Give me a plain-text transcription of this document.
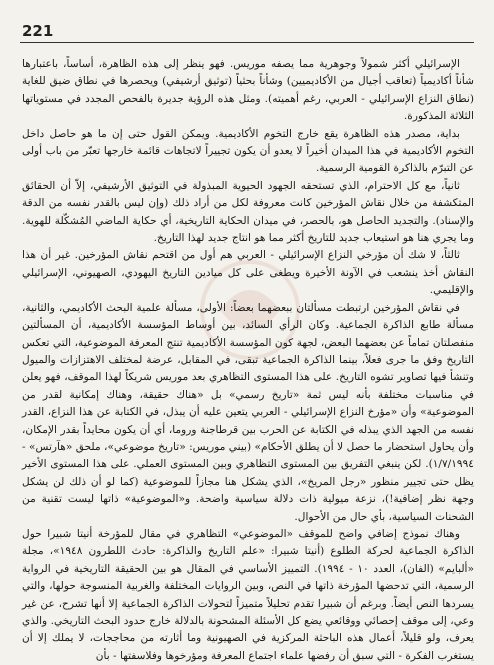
221

الإسرائيلي أكثر شمولاً وجوهرية مما يصفه موريس. فهو ينظر إلى هذه الظاهرة، أساساً، باعتبارها شأناً أكاديمياً (تعاقب أجيال من الأكاديميين) وشأناً بحثياً (توثيق أرشيفي) ويحصرها في نطاق ضيق للغاية (نطاق النزاع الإسرائيلي - العربي، رغم أهميته). ومثل هذه الرؤية جديرة بالفحص المجدد في مستوياتها الثلاثة المذكورة.

بداية، مصدر هذه الظاهرة يقع خارج التخوم الأكاديمية. ويمكن القول حتى إن ما هو حاصل داخل التخوم الأكاديمية في هذا الميدان أخيراً لا يعدو أن يكون تجييراً لاتجاهات قائمة خارجها تعبّر من باب أولى عن التبرّم بالذاكرة القومية الرسمية.

ثانياً، مع كل الاحترام، الذي تستحقه الجهود الحيوية المبذولة في التوثيق الأرشيفي، إلاّ أن الحقائق المتكشفة من خلال نقاش المؤرخين كانت معروفة لكل من أراد ذلك (وإن ليس بالقدر نفسه من الدقة والإسناد). والتجديد الحاصل هو، بالحصر، في ميدان الحكاية التاريخية، أي حكاية الماضي المُشكّلة للهوية. وما يجري هنا هو استيعاب جديد للتاريخ أكثر مما هو انتاج جديد لهذا التاريخ.

ثالثاً، لا شك أن مؤرخي النزاع الإسرائيلي - العربي هم أول من اقتحم نقاش المؤرخين. غير أن هذا النقاش أخذ ينشعب في الآونة الأخيرة ويطغى على كل ميادين التاريخ اليهودي، الصهيوني، الإسرائيلي والإقليمي.

في نقاش المؤرخين ارتبطت مسألتان ببعضهما بعضاً: الأولى، مسألة علمية البحث الأكاديمي، والثانية، مسألة طابع الذاكرة الجماعية. وكان الرأي السائد، بين أوساط المؤسسة الأكاديمية، أن المسألتين منفصلتان تماماً عن بعضهما البعض، لجهة كون المؤسسة الأكاديمية تنتج المعرفة الموضوعية، التي تعكس التاريخ وفق ما جرى فعلاً، بينما الذاكرة الجماعية تبقى، في المقابل، عرضة لمختلف الاهتزازات والميول وتنشأ فيها تصاوير تشوه التاريخ. على هذا المستوى التظاهري بعد موريس شريكاً لهذا الموقف، فهو يعلن في مناسبات مختلفة بأنه ليس ثمة «تاريخ رسمي» بل «هناك حقيقة، وهناك إمكانية لقدر من الموضوعية» وأن «مؤرخ النزاع الإسرائيلي - العربي يتعين عليه أن يبذل، في الكتابة عن هذا النزاع، القدر نفسه من الجهد الذي يبذله في الكتابة عن الحرب بين قرطاجنة وروما، أي أن يكون محايداً بقدر الإمكان، وأن يحاول استحضار ما حصل لا أن يطلق الأحكام» (بيني موريس: «تاريخ موضوعي»، ملحق «هآرتس» - ١/٧/١٩٩٤). لكن ينبغي التفريق بين المستوى التظاهري وبين المستوى العملي. على هذا المستوى الأخير يظل حتى تجيير منظور «رجل المريخ»، الذي يشكل هنا مجازاً للموضوعية (كما لو أن ذلك لن يشكل وجهة نظر إضافية!)، نزعة ميولية ذات دلالة سياسية واضحة. و«الموضوعية» ذاتها ليست تقنية من الشحنات السياسية، بأي حال من الأحوال.

وهناك نموذج إضافي واضح للموقف «الموضوعي» التظاهري في مقال للمؤرخة أنيتا شبيرا حول الذاكرة الجماعية لحركة الطلوع (أنيتا شبيرا: «علم التاريخ والذاكرة: حادث اللطرون ١٩٤٨»، مجلة «ألبايم» (الفان)، العدد ١٠ - ١٩٩٤). التمييز الأساسي في المقال هو بين الحقيقة التاريخية في الرواية الرسمية، التي تدحضها المؤرخة ذاتها في النص، وبين الروايات المختلفة والغربية المنسوجة حولها، والتي يسردها النص أيضاً. وبرغم أن شبيرا تقدم تحليلاً متميزاً لتحولات الذاكرة الجماعية إلا أنها تشرح، عن غير وعي، إلى موقف إحصائي ووقائعي يضع كل الأسئلة المشحونة بالدلالة خارج حدود البحث التاريخي. والذي يعرف، ولو قليلاً، أعمال هذه الباحثة المركزية في الصهيونية وما أثارته من محاججات، لا يملك إلا أن يستغرب الفكرة - التي سبق أن رفضها علماء اجتماع المعرفة ومؤرخوها وفلاسفتها - بأن
